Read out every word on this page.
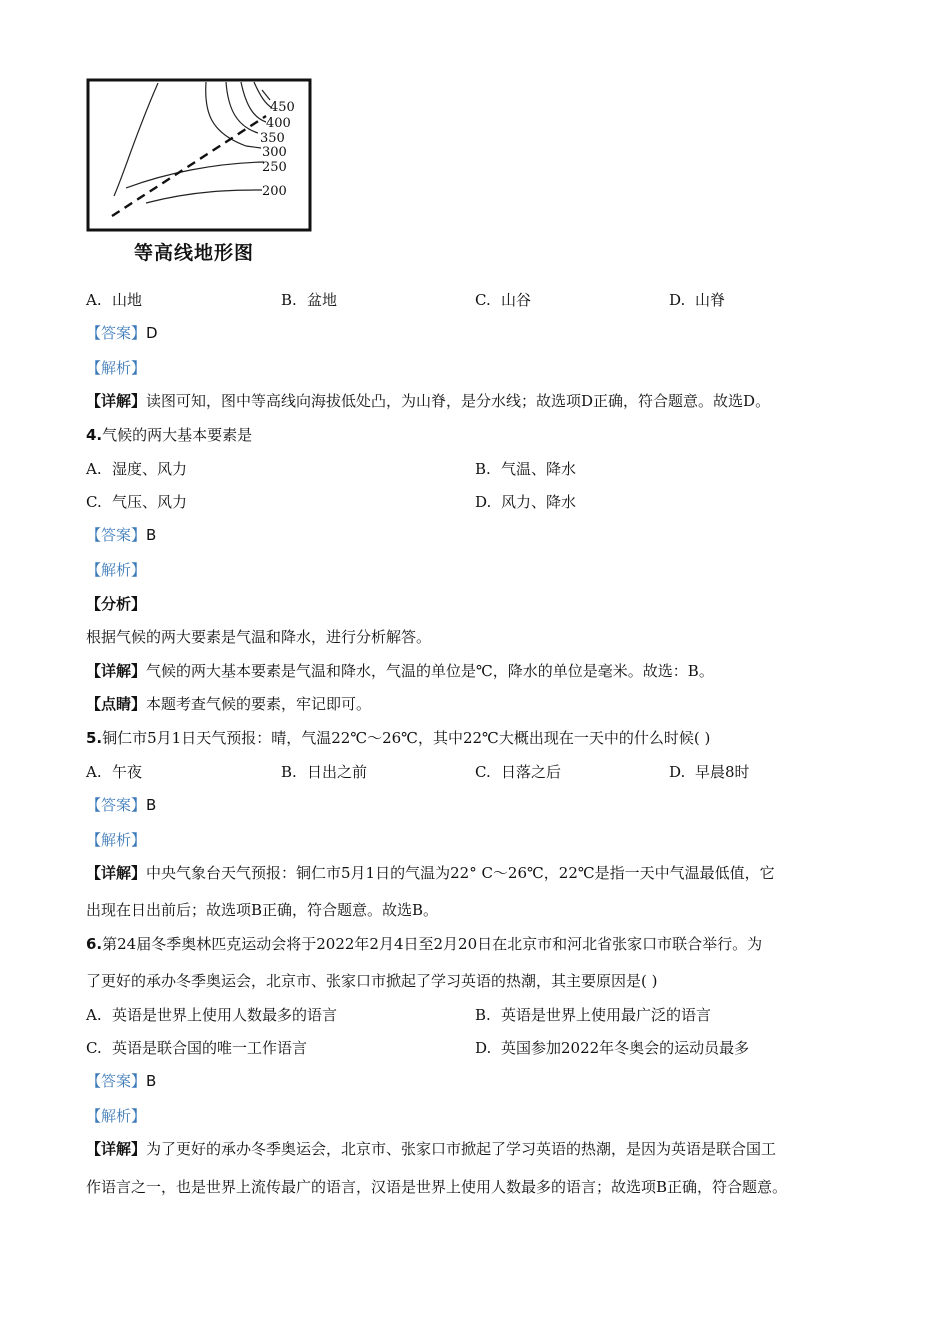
450
400
350
300
250
200
等高线地形图
A. 山地	B. 盆地	C. 山谷	D. 山脊
【答案】D
【解析】
【详解】读图可知，图中等高线向海拔低处凸，为山脊，是分水线；故选项D正确，符合题意。故选D。
4.气候的两大基本要素是
A. 湿度、风力	B. 气温、降水
C. 气压、风力	D. 风力、降水
【答案】B
【解析】
【分析】
根据气候的两大要素是气温和降水，进行分析解答。
【详解】气候的两大基本要素是气温和降水，气温的单位是℃，降水的单位是毫米。故选：B。
【点睛】本题考查气候的要素，牢记即可。
5.铜仁市5月1日天气预报：晴，气温22℃～26℃，其中22℃大概出现在一天中的什么时候( )
A. 午夜	B. 日出之前	C. 日落之后	D. 早晨8时
【答案】B
【解析】
【详解】中央气象台天气预报：铜仁市5月1日的气温为22° C～26℃，22℃是指一天中气温最低值，它
出现在日出前后；故选项B正确，符合题意。故选B。
6.第24届冬季奥林匹克运动会将于2022年2月4日至2月20日在北京市和河北省张家口市联合举行。为
了更好的承办冬季奥运会，北京市、张家口市掀起了学习英语的热潮，其主要原因是( )
A. 英语是世界上使用人数最多的语言	B. 英语是世界上使用最广泛的语言
C. 英语是联合国的唯一工作语言	D. 英国参加2022年冬奥会的运动员最多
【答案】B
【解析】
【详解】为了更好的承办冬季奥运会，北京市、张家口市掀起了学习英语的热潮，是因为英语是联合国工
作语言之一，也是世界上流传最广的语言，汉语是世界上使用人数最多的语言；故选项B正确，符合题意。
